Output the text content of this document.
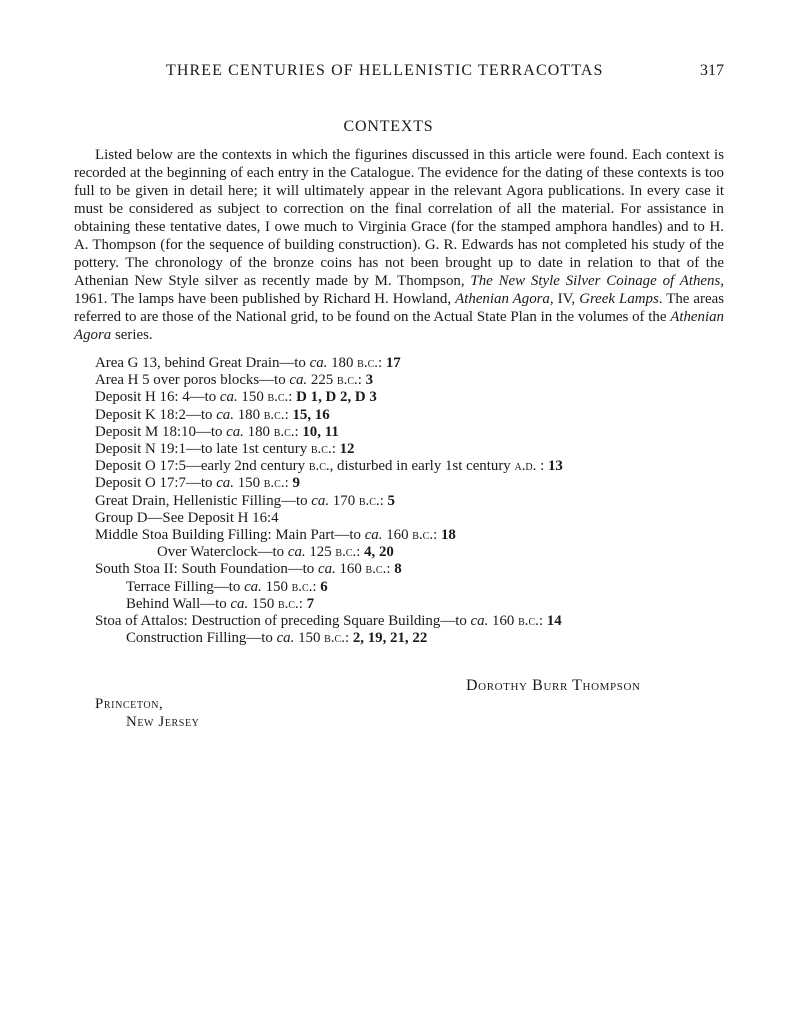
THREE CENTURIES OF HELLENISTIC TERRACOTTAS	317
CONTEXTS

Listed below are the contexts in which the figurines discussed in this article were found. Each context is recorded at the beginning of each entry in the Catalogue. The evidence for the dating of these contexts is too full to be given in detail here; it will ultimately appear in the relevant Agora publications. In every case it must be considered as subject to correction on the final correlation of all the material. For assistance in obtaining these tentative dates, I owe much to Virginia Grace (for the stamped amphora handles) and to H. A. Thompson (for the sequence of building construction). G. R. Edwards has not completed his study of the pottery. The chronology of the bronze coins has not been brought up to date in relation to that of the Athenian New Style silver as recently made by M. Thompson, The New Style Silver Coinage of Athens, 1961. The lamps have been published by Richard H. Howland, Athenian Agora, IV, Greek Lamps. The areas referred to are those of the National grid, to be found on the Actual State Plan in the volumes of the Athenian Agora series.

Area G 13, behind Great Drain—to ca. 180 b.c.: 17
Area H 5 over poros blocks—to ca. 225 b.c.: 3
Deposit H 16: 4—to ca. 150 b.c.: D 1, D 2, D 3
Deposit K 18:2—to ca. 180 b.c.: 15, 16
Deposit M 18:10—to ca. 180 b.c.: 10, 11
Deposit N 19:1—to late 1st century b.c.: 12
Deposit O 17:5—early 2nd century b.c., disturbed in early 1st century a.d. : 13
Deposit O 17:7—to ca. 150 b.c.: 9
Great Drain, Hellenistic Filling—to ca. 170 b.c.: 5
Group D—See Deposit H 16:4
Middle Stoa Building Filling: Main Part—to ca. 160 b.c.: 18
Over Waterclock—to ca. 125 b.c.: 4, 20
South Stoa II: South Foundation—to ca. 160 b.c.: 8
Terrace Filling—to ca. 150 b.c.: 6
Behind Wall—to ca. 150 b.c.: 7
Stoa of Attalos: Destruction of preceding Square Building—to ca. 160 b.c.: 14
Construction Filling—to ca. 150 b.c.: 2, 19, 21, 22
Dorothy Burr Thompson
Princeton,
New Jersey
